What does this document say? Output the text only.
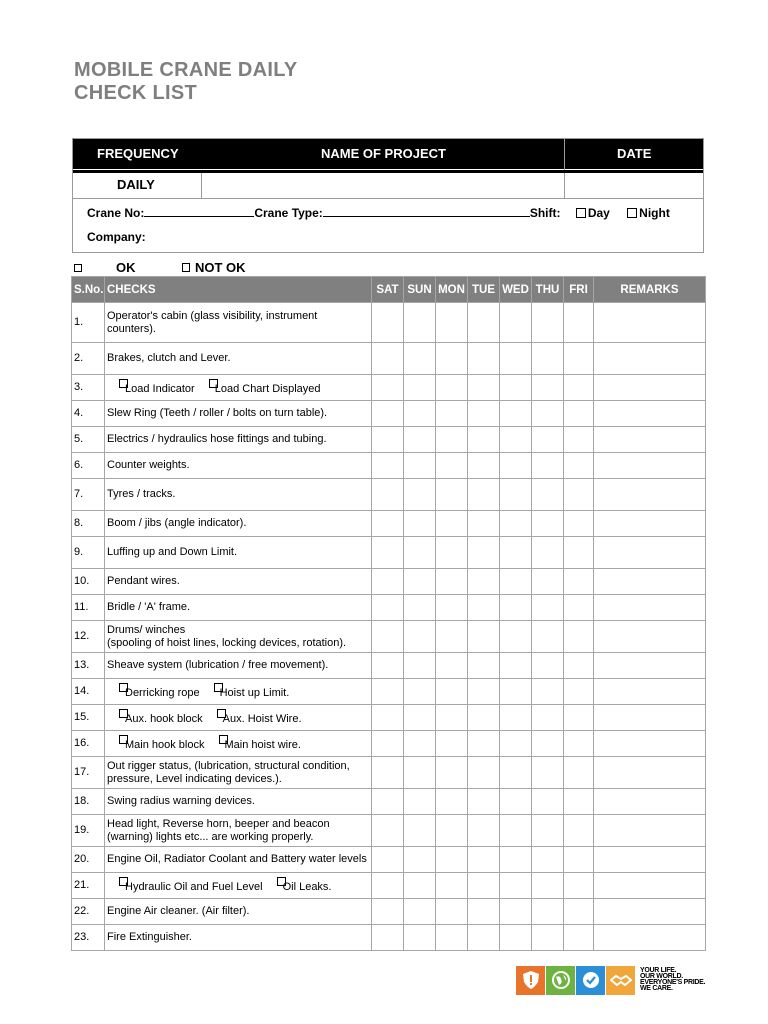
MOBILE CRANE DAILY
CHECK LIST
FREQUENCY	NAME OF PROJECT	DATE
DAILY
Crane No:	Crane Type:	Shift: Day Night
Company:
OK	NOT OK
S.No.	CHECKS	SAT	SUN	MON	TUE	WED	THU	FRI	REMARKS
1.	Operator's cabin (glass visibility, instrument counters).								

2.	Brakes, clutch and Lever.								

3.	Load Indicator Load Chart Displayed								
4.	Slew Ring (Teeth / roller / bolts on turn table).								

5.	Electrics / hydraulics hose fittings and tubing.								

6.	Counter weights.								

7.	Tyres / tracks.								

8.	Boom / jibs (angle indicator).								

9.	Luffing up and Down Limit.								

10.	Pendant wires.								

11.	Bridle / 'A' frame.								

12.	Drums/ winches
(spooling of hoist lines, locking devices, rotation).								

13.	Sheave system (lubrication / free movement).								

14.	Derricking rope Hoist up Limit.								
15.	Aux. hook block Aux. Hoist Wire.								
16.	Main hook block Main hoist wire.								
17.	Out rigger status, (lubrication, structural condition, pressure, Level indicating devices.).								

18.	Swing radius warning devices.								

19.	Head light, Reverse horn, beeper and beacon (warning) lights etc... are working properly.								

20.	Engine Oil, Radiator Coolant and Battery water levels								

21.	Hydraulic Oil and Fuel Level Oil Leaks.								
22.	Engine Air cleaner. (Air filter).								

23.	Fire Extinguisher.								

YOUR LIFE.
OUR WORLD.
EVERYONE'S PRIDE.
WE CARE.
